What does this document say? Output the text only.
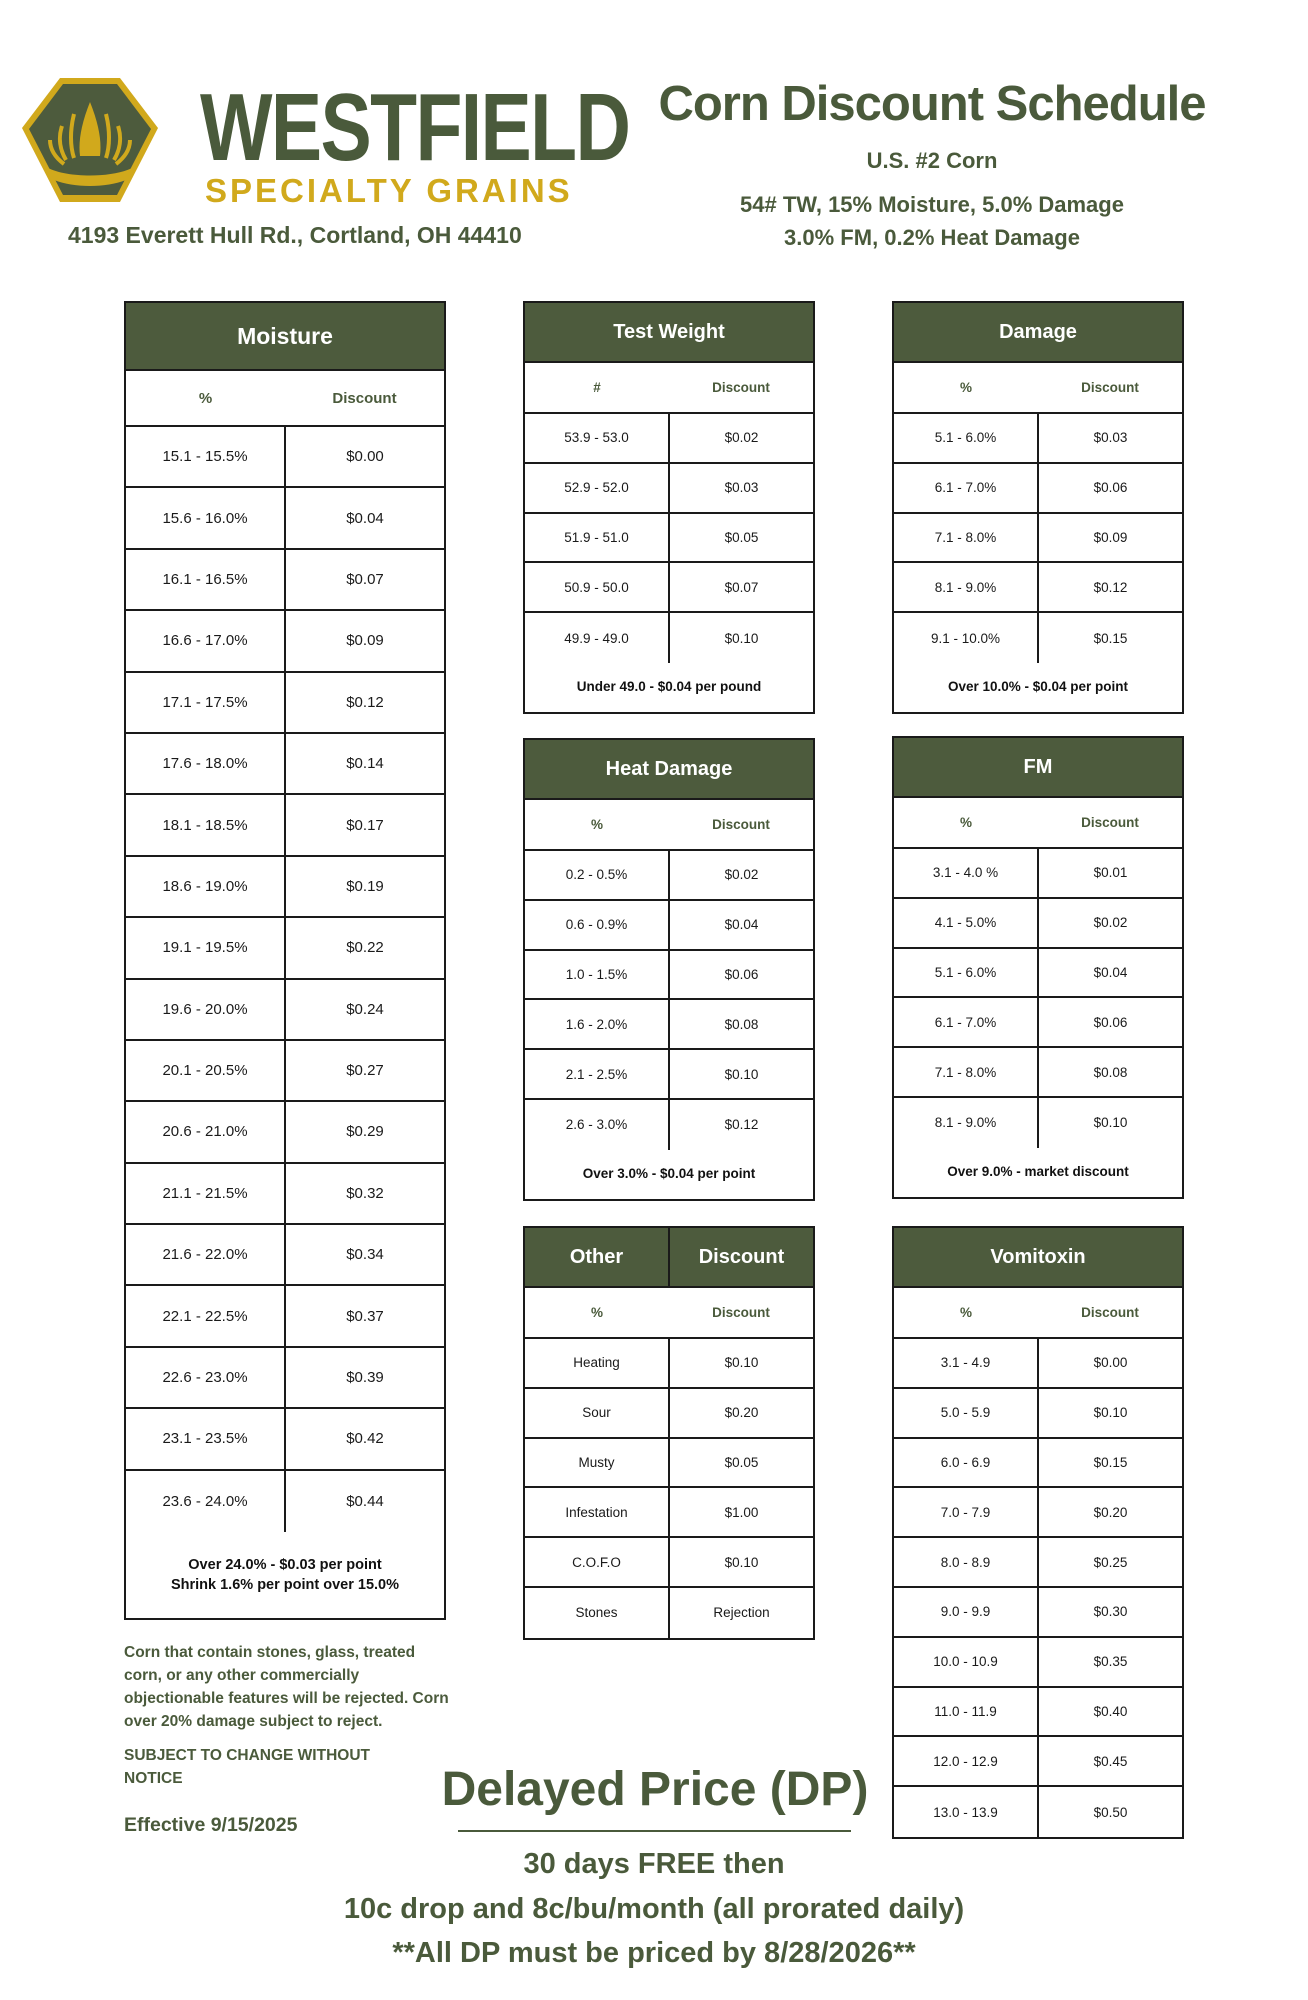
WESTFIELD
SPECIALTY GRAINS
4193 Everett Hull Rd., Cortland, OH 44410
Corn Discount Schedule
U.S. #2 Corn
54# TW, 15% Moisture, 5.0% Damage
3.0% FM, 0.2% Heat Damage
Moisture
%	Discount
15.1 - 15.5%	$0.00
15.6 - 16.0%	$0.04
16.1 - 16.5%	$0.07
16.6 - 17.0%	$0.09
17.1 - 17.5%	$0.12
17.6 - 18.0%	$0.14
18.1 - 18.5%	$0.17
18.6 - 19.0%	$0.19
19.1 - 19.5%	$0.22
19.6 - 20.0%	$0.24
20.1 - 20.5%	$0.27
20.6 - 21.0%	$0.29
21.1 - 21.5%	$0.32
21.6 - 22.0%	$0.34
22.1 - 22.5%	$0.37
22.6 - 23.0%	$0.39
23.1 - 23.5%	$0.42
23.6 - 24.0%	$0.44
Over 24.0% - $0.03 per point
Shrink 1.6% per point over 15.0%
Test Weight
#	Discount
53.9 - 53.0	$0.02
52.9 - 52.0	$0.03
51.9 - 51.0	$0.05
50.9 - 50.0	$0.07
49.9 - 49.0	$0.10
Under 49.0 - $0.04 per pound
Damage
%	Discount
5.1 - 6.0%	$0.03
6.1 - 7.0%	$0.06
7.1 - 8.0%	$0.09
8.1 - 9.0%	$0.12
9.1 - 10.0%	$0.15
Over 10.0% - $0.04 per point
Heat Damage
%	Discount
0.2 - 0.5%	$0.02
0.6 - 0.9%	$0.04
1.0 - 1.5%	$0.06
1.6 - 2.0%	$0.08
2.1 - 2.5%	$0.10
2.6 - 3.0%	$0.12
Over 3.0% - $0.04 per point
FM
%	Discount
3.1 - 4.0 %	$0.01
4.1 - 5.0%	$0.02
5.1 - 6.0%	$0.04
6.1 - 7.0%	$0.06
7.1 - 8.0%	$0.08
8.1 - 9.0%	$0.10
Over 9.0% - market discount
Other	Discount
%	Discount
Heating	$0.10
Sour	$0.20
Musty	$0.05
Infestation	$1.00
C.O.F.O	$0.10
Stones	Rejection
Vomitoxin
%	Discount
3.1 - 4.9	$0.00
5.0 - 5.9	$0.10
6.0 - 6.9	$0.15
7.0 - 7.9	$0.20
8.0 - 8.9	$0.25
9.0 - 9.9	$0.30
10.0 - 10.9	$0.35
11.0 - 11.9	$0.40
12.0 - 12.9	$0.45
13.0 - 13.9	$0.50
Corn that contain stones, glass, treated corn, or any other commercially objectionable features will be rejected. Corn over 20% damage subject to reject.
SUBJECT TO CHANGE WITHOUT NOTICE
Effective 9/15/2025
Delayed Price (DP)
30 days FREE then
10c drop and 8c/bu/month (all prorated daily)
**All DP must be priced by 8/28/2026**
